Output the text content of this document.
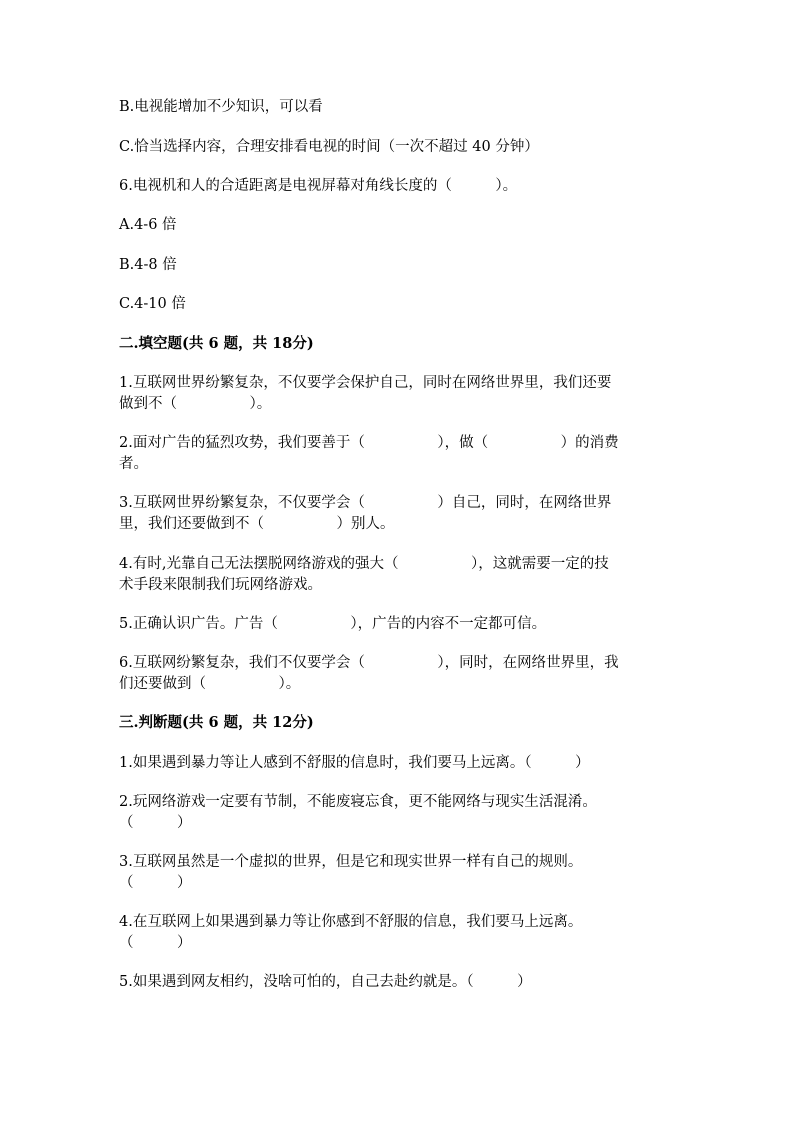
B.电视能增加不少知识，可以看
C.恰当选择内容，合理安排看电视的时间（一次不超过 40 分钟）
6.电视机和人的合适距离是电视屏幕对角线长度的（　　　）。
A.4-6 倍
B.4-8 倍
C.4-10 倍
二.填空题(共 6 题，共 18分)
1.互联网世界纷繁复杂，不仅要学会保护自己，同时在网络世界里，我们还要
做到不（　　　　　）。
2.面对广告的猛烈攻势，我们要善于（　　　　　），做（　　　　　）的消费
者。
3.互联网世界纷繁复杂，不仅要学会（　　　　　）自己，同时，在网络世界
里，我们还要做到不（　　　　　）别人。
4.有时,光靠自己无法摆脱网络游戏的强大（　　　　　），这就需要一定的技
术手段来限制我们玩网络游戏。
5.正确认识广告。广告（　　　　　），广告的内容不一定都可信。
6.互联网纷繁复杂，我们不仅要学会（　　　　　），同时，在网络世界里，我
们还要做到（　　　　　）。
三.判断题(共 6 题，共 12分)
1.如果遇到暴力等让人感到不舒服的信息时，我们要马上远离。（　　　）
2.玩网络游戏一定要有节制，不能废寝忘食，更不能网络与现实生活混淆。
（　　　）
3.互联网虽然是一个虚拟的世界，但是它和现实世界一样有自己的规则。
（　　　）
4.在互联网上如果遇到暴力等让你感到不舒服的信息，我们要马上远离。
（　　　）
5.如果遇到网友相约，没啥可怕的，自己去赴约就是。（　　　）
